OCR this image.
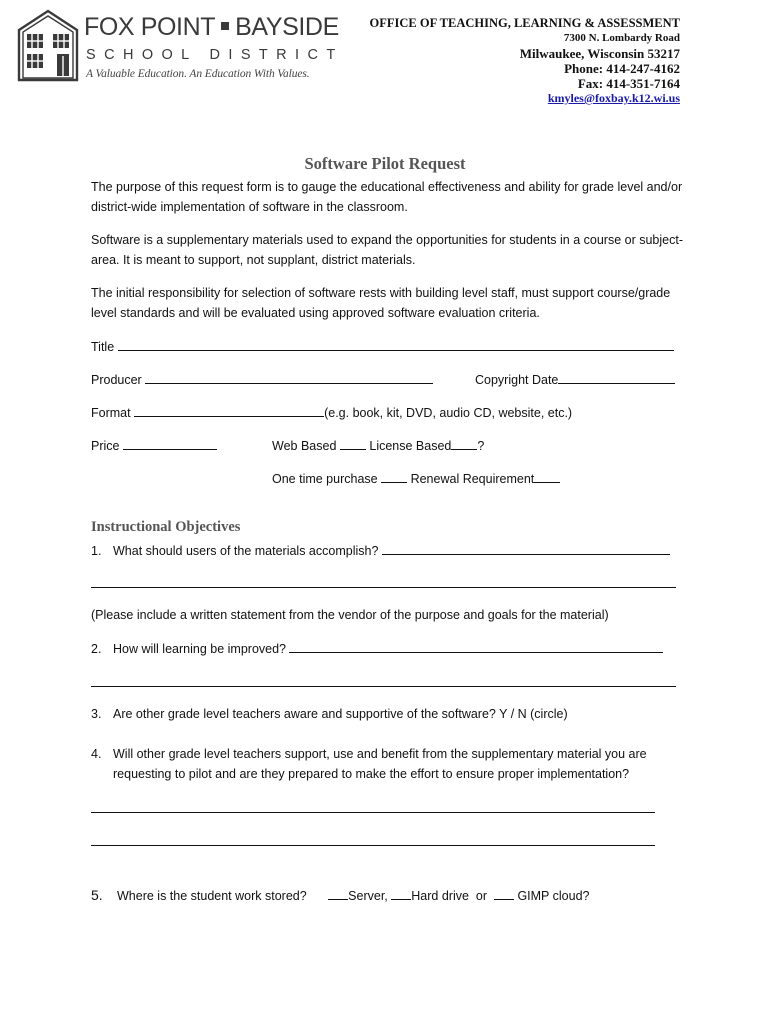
FOX POINT BAYSIDE
SCHOOL DISTRICT
A Valuable Education. An Education With Values.
OFFICE OF TEACHING, LEARNING & ASSESSMENT
7300 N. Lombardy Road
Milwaukee, Wisconsin 53217
Phone: 414-247-4162
Fax: 414-351-7164
kmyles@foxbay.k12.wi.us
Software Pilot Request
The purpose of this request form is to gauge the educational effectiveness and ability for grade level and/or district-wide implementation of software in the classroom.
Software is a supplementary materials used to expand the opportunities for students in a course or subject-area. It is meant to support, not supplant, district materials.
The initial responsibility for selection of software rests with building level staff, must support course/grade level standards and will be evaluated using approved software evaluation criteria.
Title
Producer	Copyright Date
Format	(e.g. book, kit, DVD, audio CD, website, etc.)
Price	Web Based	License Based ?
One time purchase	Renewal Requirement
Instructional Objectives
1. What should users of the materials accomplish?
(Please include a written statement from the vendor of the purpose and goals for the material)
2. How will learning be improved?
3. Are other grade level teachers aware and supportive of the software? Y / N (circle)
4. Will other grade level teachers support, use and benefit from the supplementary material you are
requesting to pilot and are they prepared to make the effort to ensure proper implementation?
5. Where is the student work stored?	Server, Hard drive or GIMP cloud?
